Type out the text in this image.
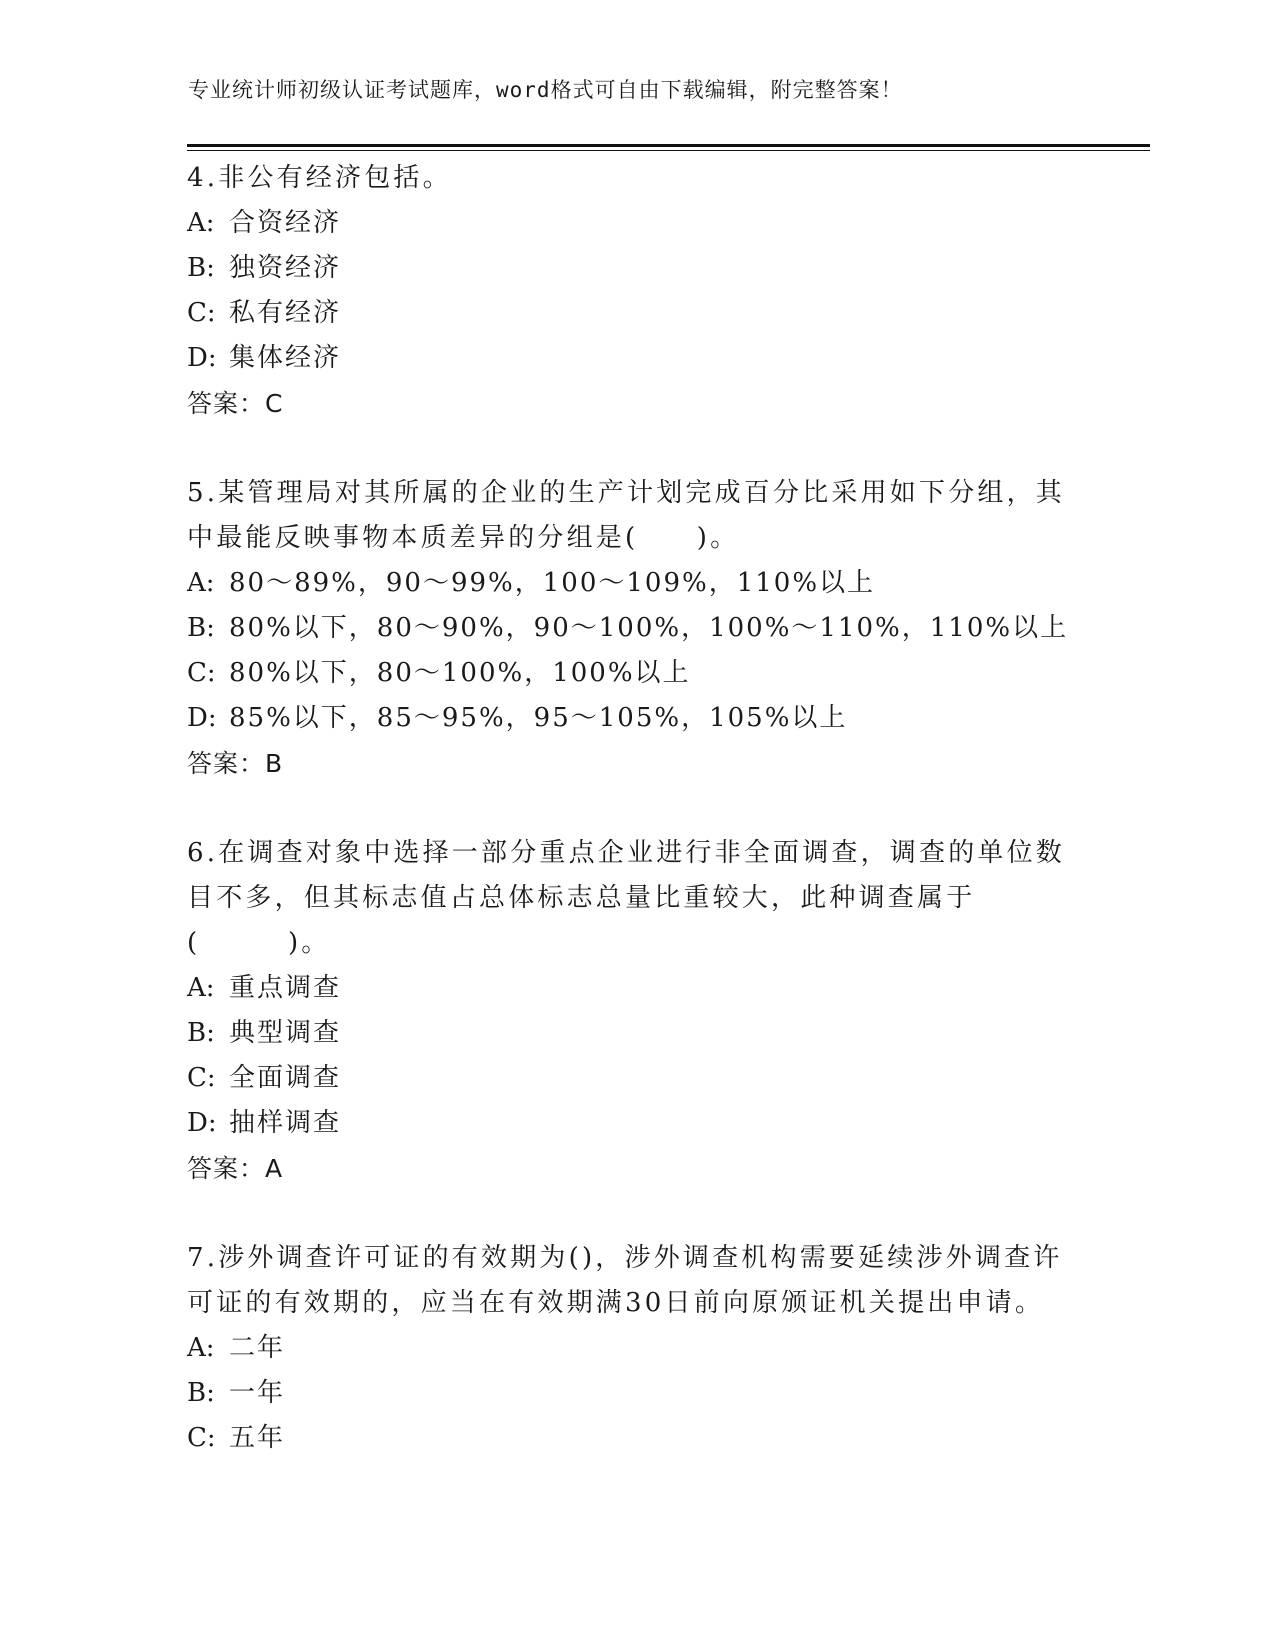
专业统计师初级认证考试题库，word格式可自由下载编辑，附完整答案！

4.非公有经济包括。

A: 合资经济

B: 独资经济

C: 私有经济

D: 集体经济

答案：C

5.某管理局对其所属的企业的生产计划完成百分比采用如下分组，其中最能反映事物本质差异的分组是(　　)。

A: 80～89%，90～99%，100～109%，110%以上

B: 80%以下，80～90%，90～100%，100%～110%，110%以上

C: 80%以下，80～100%，100%以上

D: 85%以下，85～95%，95～105%，105%以上

答案：B

6.在调查对象中选择一部分重点企业进行非全面调查，调查的单位数目不多，但其标志值占总体标志总量比重较大，此种调查属于(　　　)。

A: 重点调查

B: 典型调查

C: 全面调查

D: 抽样调查

答案：A

7.涉外调查许可证的有效期为()，涉外调查机构需要延续涉外调查许可证的有效期的，应当在有效期满30日前向原颁证机关提出申请。

A: 二年

B: 一年

C: 五年
